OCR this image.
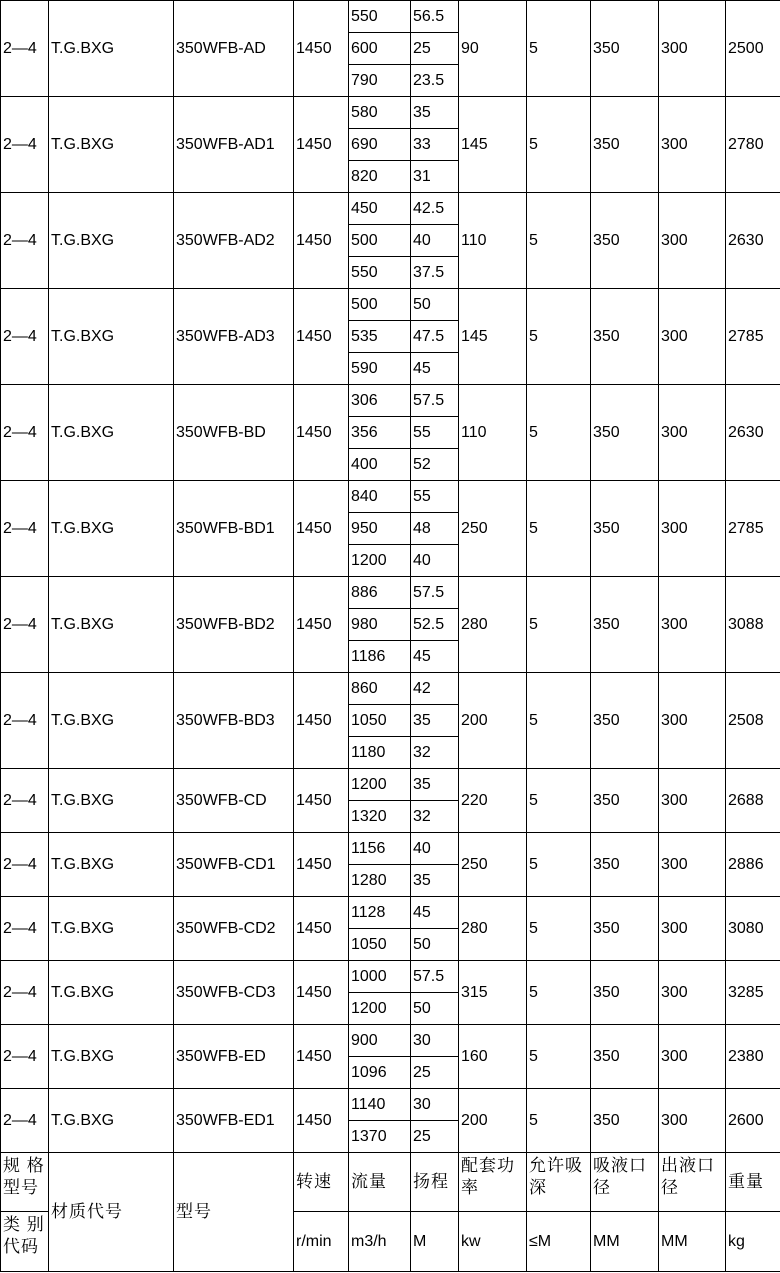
2—4	T.G.BXG	350WFB-AD	1450	550	56.5	90	5	350	300	2500
				600	25					
				790	23.5					
2—4	T.G.BXG	350WFB-AD1	1450	580	35	145	5	350	300	2780
				690	33					
				820	31					
2—4	T.G.BXG	350WFB-AD2	1450	450	42.5	110	5	350	300	2630
				500	40					
				550	37.5					
2—4	T.G.BXG	350WFB-AD3	1450	500	50	145	5	350	300	2785
				535	47.5					
				590	45					
2—4	T.G.BXG	350WFB-BD	1450	306	57.5	110	5	350	300	2630
				356	55					
				400	52					
2—4	T.G.BXG	350WFB-BD1	1450	840	55	250	5	350	300	2785
				950	48					
				1200	40					
2—4	T.G.BXG	350WFB-BD2	1450	886	57.5	280	5	350	300	3088
				980	52.5					
				1186	45					
2—4	T.G.BXG	350WFB-BD3	1450	860	42	200	5	350	300	2508
				1050	35					
				1180	32					
2—4	T.G.BXG	350WFB-CD	1450	1200	35	220	5	350	300	2688
				1320	32					
2—4	T.G.BXG	350WFB-CD1	1450	1156	40	250	5	350	300	2886
				1280	35					
2—4	T.G.BXG	350WFB-CD2	1450	1128	45	280	5	350	300	3080
				1050	50					
2—4	T.G.BXG	350WFB-CD3	1450	1000	57.5	315	5	350	300	3285
				1200	50					
2—4	T.G.BXG	350WFB-ED	1450	900	30	160	5	350	300	2380
				1096	25					
2—4	T.G.BXG	350WFB-ED1	1450	1140	30	200	5	350	300	2600
				1370	25					
规 格 型号	材质代号	型号	转速	流量	扬程	配套功率	允许吸深	吸液口径	出液口径	重量
类 别 代码			r/min	m3/h	M	kw	≤M	MM	MM	kg
